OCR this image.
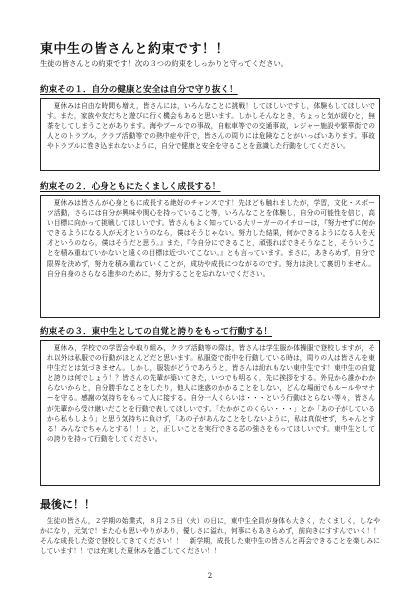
東中生の皆さんと約束です！！
生徒の皆さんとの約束です！次の３つの約束をしっかりと守ってください。
約束その１．自分の健康と安全は自分で守り抜く！
夏休みは自由な時間も増え，皆さんには，いろんなことに挑戦！してほしいですし，体験もしてほしいです。また，家族や友だちと遊びに行く機会もあると思います。しかしそんなとき，ちょっと気が緩むと，無茶をしてしまうことがあります。海やプールでの事故，自転車等での交通事故，レジャー施設や繁華街での人とのトラブル，クラブ活動等での熱中症や汗で，皆さんの周りには危険なことがいっぱいあります。事故やトラブルに巻き込まれないように，自分で健康と安全を守ることを意識した行動をしてください。
約束その２．心身ともにたくましく成長する！
夏休みは皆さんが心身ともに成長する絶好のチャンスです！先ほども触れましたが，学習，文化・スポーツ活動，さらには自分が興味や関心を持っていること等，いろんなことを体験し，自分の可能性を信じ，高い目標に向かって挑戦してほしいです。皆さんもよく知っている大リーガーのイチローは，『努力せずに何かできるようになる人が天才というのなら，僕はそうじゃない。努力した結果，何かできるようになる人を天才というのなら，僕はそうだと思う。』また，『今自分にできること，頑張ればできそうなこと，そういうことを積み重ねていかないと遠くの目標は近づいてこない。』とも言っています。まさに，あきらめず，自分で限界を決めず，努力を積み重ねていくことが，成功や成長につながるのです。努力は決して裏切りません。自分自身のさらなる進歩のために，努力することを忘れないでください。
約束その３．東中生としての自覚と誇りをもって行動する！
夏休み，学校での学習会や取り組み，クラブ活動等の際は，皆さんは学生服か体操服で登校しますが，それ以外は私服での行動がほとんどだと思います。私服姿で街中を行動している時は，周りの人は皆さんを東中生だとは気づきません。しかし，服装がどうであろうと，皆さんは紛れもない東中生です！東中生の自覚と誇りは何でしょう！？皆さんの先輩が築いてきた，いつでも明るく，先に挨拶をする。外見から誰かわからないからと，自分勝手なことをしたり，他人に迷惑のかかることをしない，どんな場面でもルールやマナーを守る。感謝の気持ちをもって人に接する。自分一人くらいは・・・という行動はとらない等々，皆さんが先輩から受け継いだことを行動で表してほしいです。「たかがこのくらい・・・」とか「あの子がしているから私もしよう」と思う気持ちに負けず，「あの子があんなことをしないように，私は真似せず，ちゃんとする！みんなでちゃんとする！！」と，正しいことを実行できる芯の強さをもってほしいです。東中生としての誇りを持って行動をしてください。
最後に！！
生徒の皆さん，２学期の始業式，８月２５日（火）の日に，東中生全員が身体も大きく，たくましく，しなやかになり，元気で！また心も思いやりがあり，優しさに溢れ，何事にもあきらめず，前向きにすすんでいく！！そんな成長した姿で登校してきてください！！　新学期，成長した東中生の皆さんと再会できることを楽しみにしています！！では充実した夏休みを過ごしてください！！
2
